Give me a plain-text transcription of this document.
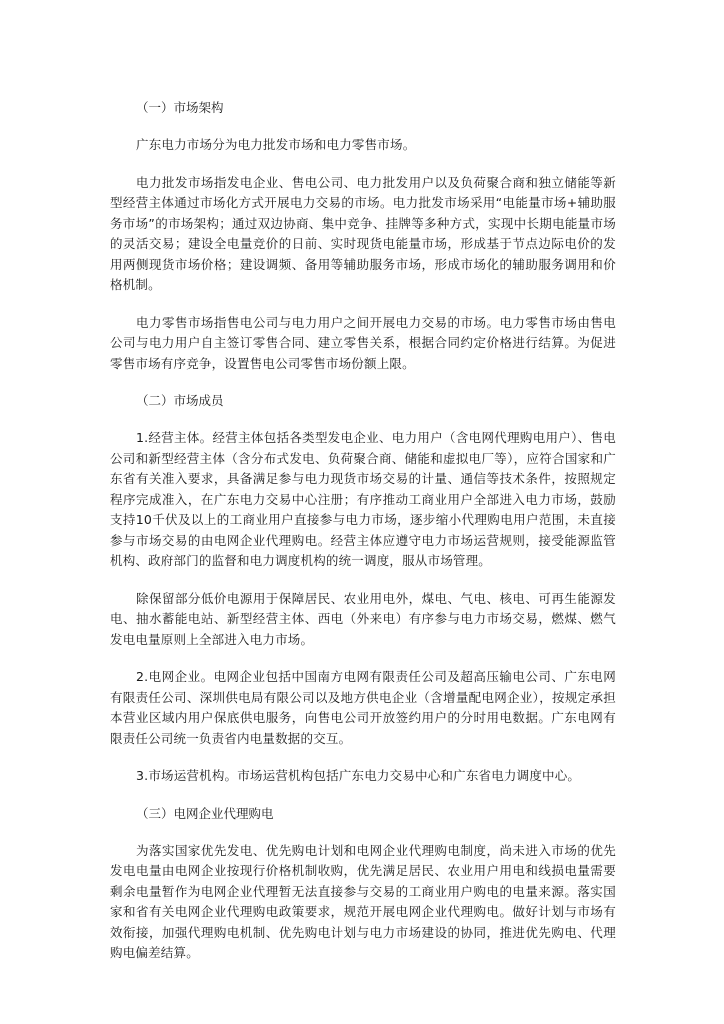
（一）市场架构

广东电力市场分为电力批发市场和电力零售市场。

电力批发市场指发电企业、售电公司、电力批发用户以及负荷聚合商和独立储能等新型经营主体通过市场化方式开展电力交易的市场。电力批发市场采用“电能量市场+辅助服务市场”的市场架构；通过双边协商、集中竞争、挂牌等多种方式，实现中长期电能量市场的灵活交易；建设全电量竞价的日前、实时现货电能量市场，形成基于节点边际电价的发用两侧现货市场价格；建设调频、备用等辅助服务市场，形成市场化的辅助服务调用和价格机制。

电力零售市场指售电公司与电力用户之间开展电力交易的市场。电力零售市场由售电公司与电力用户自主签订零售合同、建立零售关系，根据合同约定价格进行结算。为促进零售市场有序竞争，设置售电公司零售市场份额上限。

（二）市场成员

1.经营主体。经营主体包括各类型发电企业、电力用户（含电网代理购电用户）、售电公司和新型经营主体（含分布式发电、负荷聚合商、储能和虚拟电厂等），应符合国家和广东省有关准入要求，具备满足参与电力现货市场交易的计量、通信等技术条件，按照规定程序完成准入，在广东电力交易中心注册；有序推动工商业用户全部进入电力市场，鼓励支持10千伏及以上的工商业用户直接参与电力市场，逐步缩小代理购电用户范围，未直接参与市场交易的由电网企业代理购电。经营主体应遵守电力市场运营规则，接受能源监管机构、政府部门的监督和电力调度机构的统一调度，服从市场管理。

除保留部分低价电源用于保障居民、农业用电外，煤电、气电、核电、可再生能源发电、抽水蓄能电站、新型经营主体、西电（外来电）有序参与电力市场交易，燃煤、燃气发电电量原则上全部进入电力市场。

2.电网企业。电网企业包括中国南方电网有限责任公司及超高压输电公司、广东电网有限责任公司、深圳供电局有限公司以及地方供电企业（含增量配电网企业），按规定承担本营业区域内用户保底供电服务，向售电公司开放签约用户的分时用电数据。广东电网有限责任公司统一负责省内电量数据的交互。

3.市场运营机构。市场运营机构包括广东电力交易中心和广东省电力调度中心。

（三）电网企业代理购电

为落实国家优先发电、优先购电计划和电网企业代理购电制度，尚未进入市场的优先发电电量由电网企业按现行价格机制收购，优先满足居民、农业用户用电和线损电量需要剩余电量暂作为电网企业代理暂无法直接参与交易的工商业用户购电的电量来源。落实国家和省有关电网企业代理购电政策要求，规范开展电网企业代理购电。做好计划与市场有效衔接，加强代理购电机制、优先购电计划与电力市场建设的协同，推进优先购电、代理购电偏差结算。
